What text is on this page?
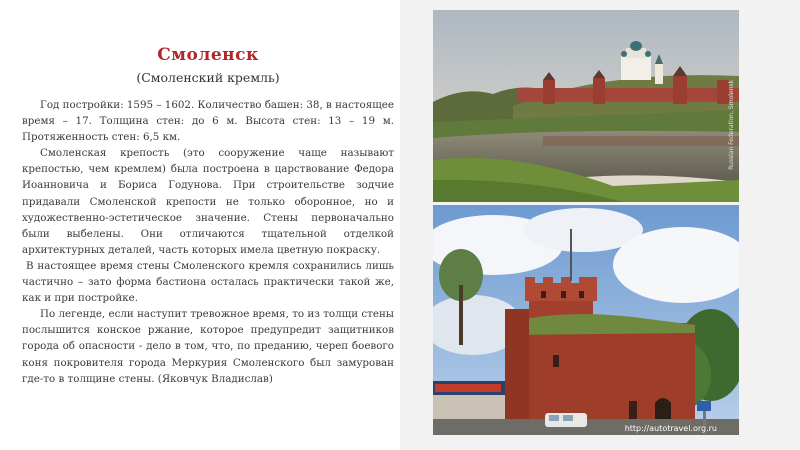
Смоленск
(Смоленский кремль)

Год постройки: 1595 – 1602. Количество башен: 38, в настоящее время – 17. Толщина стен: до 6 м. Высота стен: 13 – 19 м. Протяженность стен: 6,5 км.

Смоленская крепость (это сооружение чаще называют крепостью, чем кремлем) была построена в царствование Федора Иоанновича и Бориса Годунова. При строительстве зодчие придавали Смоленской крепости не только оборонное, но и художественно-эстетическое значение. Стены первоначально были выбелены. Они отличаются тщательной отделкой архитектурных деталей, часть которых имела цветную покраску.

В настоящее время стены Смоленского кремля сохранились лишь частично – зато форма бастиона осталась практически такой же, как и при постройке.

По легенде, если наступит тревожное время, то из толщи стены послышится конское ржание, которое предупредит защитников города об опасности - дело в том, что, по преданию, череп боевого коня покровителя города Меркурия Смоленского был замурован где-то в толщине стены. (Яковчук Владислав)

Russian Federation, Smolensk
http://autotravel.org.ru
